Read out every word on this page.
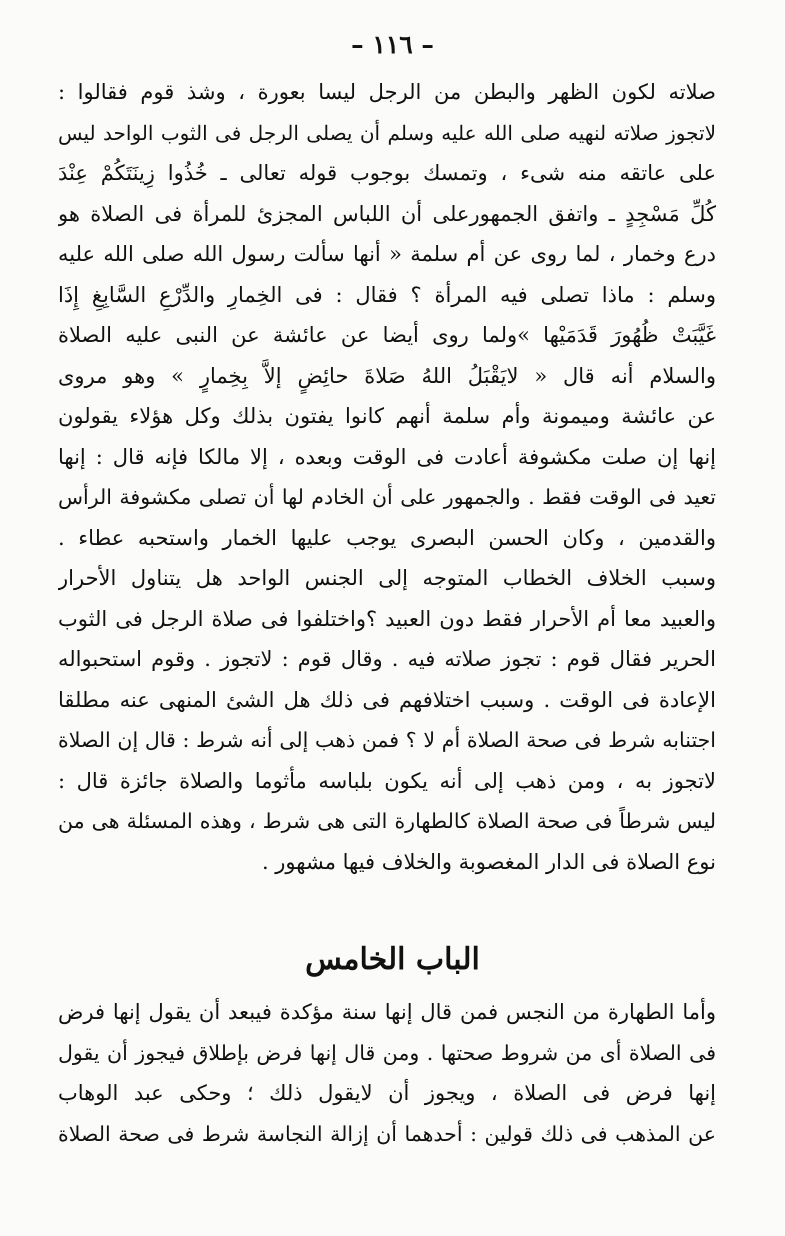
– ١١٦ –
صلاته لكون الظهر والبطن من الرجل ليسا بعورة ، وشذ قوم فقالوا :
لاتجوز صلاته لنهيه صلى الله عليه وسلم أن يصلى الرجل فى الثوب الواحد ليس
على عاتقه منه شىء ، وتمسك بوجوب قوله تعالى ـ خُذُوا زِينَتَكُمْ عِنْدَ
كُلِّ مَسْجِدٍ ـ واتفق الجمهورعلى أن اللباس المجزئ للمرأة فى الصلاة هو
درع وخمار ، لما روى عن أم سلمة « أنها سألت رسول الله صلى الله عليه
وسلم : ماذا تصلى فيه المرأة ؟ فقال : فى الخِمارِ والدِّرْعِ السَّابِغِ إِذَا
غَيَّبَتْ ظُهُورَ قَدَمَيْها »ولما روى أيضا عن عائشة عن النبى عليه الصلاة
والسلام أنه قال « لايَقْبَلُ اللهُ صَلاةَ حائِضٍ إلاَّ بِخِمارٍ » وهو مروى
عن عائشة وميمونة وأم سلمة أنهم كانوا يفتون بذلك وكل هؤلاء يقولون
إنها إن صلت مكشوفة أعادت فى الوقت وبعده ، إلا مالكا فإنه قال : إنها
تعيد فى الوقت فقط . والجمهور على أن الخادم لها أن تصلى مكشوفة الرأس
والقدمين ، وكان الحسن البصرى يوجب عليها الخمار واستحبه عطاء .
وسبب الخلاف الخطاب المتوجه إلى الجنس الواحد هل يتناول الأحرار
والعبيد معا أم الأحرار فقط دون العبيد ؟واختلفوا فى صلاة الرجل فى الثوب
الحرير فقال قوم : تجوز صلاته فيه . وقال قوم : لاتجوز . وقوم استحبواله
الإعادة فى الوقت . وسبب اختلافهم فى ذلك هل الشئ المنهى عنه مطلقا
اجتنابه شرط فى صحة الصلاة أم لا ؟ فمن ذهب إلى أنه شرط : قال إن الصلاة
لاتجوز به ، ومن ذهب إلى أنه يكون بلباسه مأثوما والصلاة جائزة قال :
ليس شرطاً فى صحة الصلاة كالطهارة التى هى شرط ، وهذه المسئلة هى من
نوع الصلاة فى الدار المغصوبة والخلاف فيها مشهور .
الباب الخامس
وأما الطهارة من النجس فمن قال إنها سنة مؤكدة فيبعد أن يقول إنها فرض
فى الصلاة أى من شروط صحتها . ومن قال إنها فرض بإطلاق فيجوز أن يقول
إنها فرض فى الصلاة ، ويجوز أن لايقول ذلك ؛ وحكى عبد الوهاب
عن المذهب فى ذلك قولين : أحدهما أن إزالة النجاسة شرط فى صحة الصلاة
